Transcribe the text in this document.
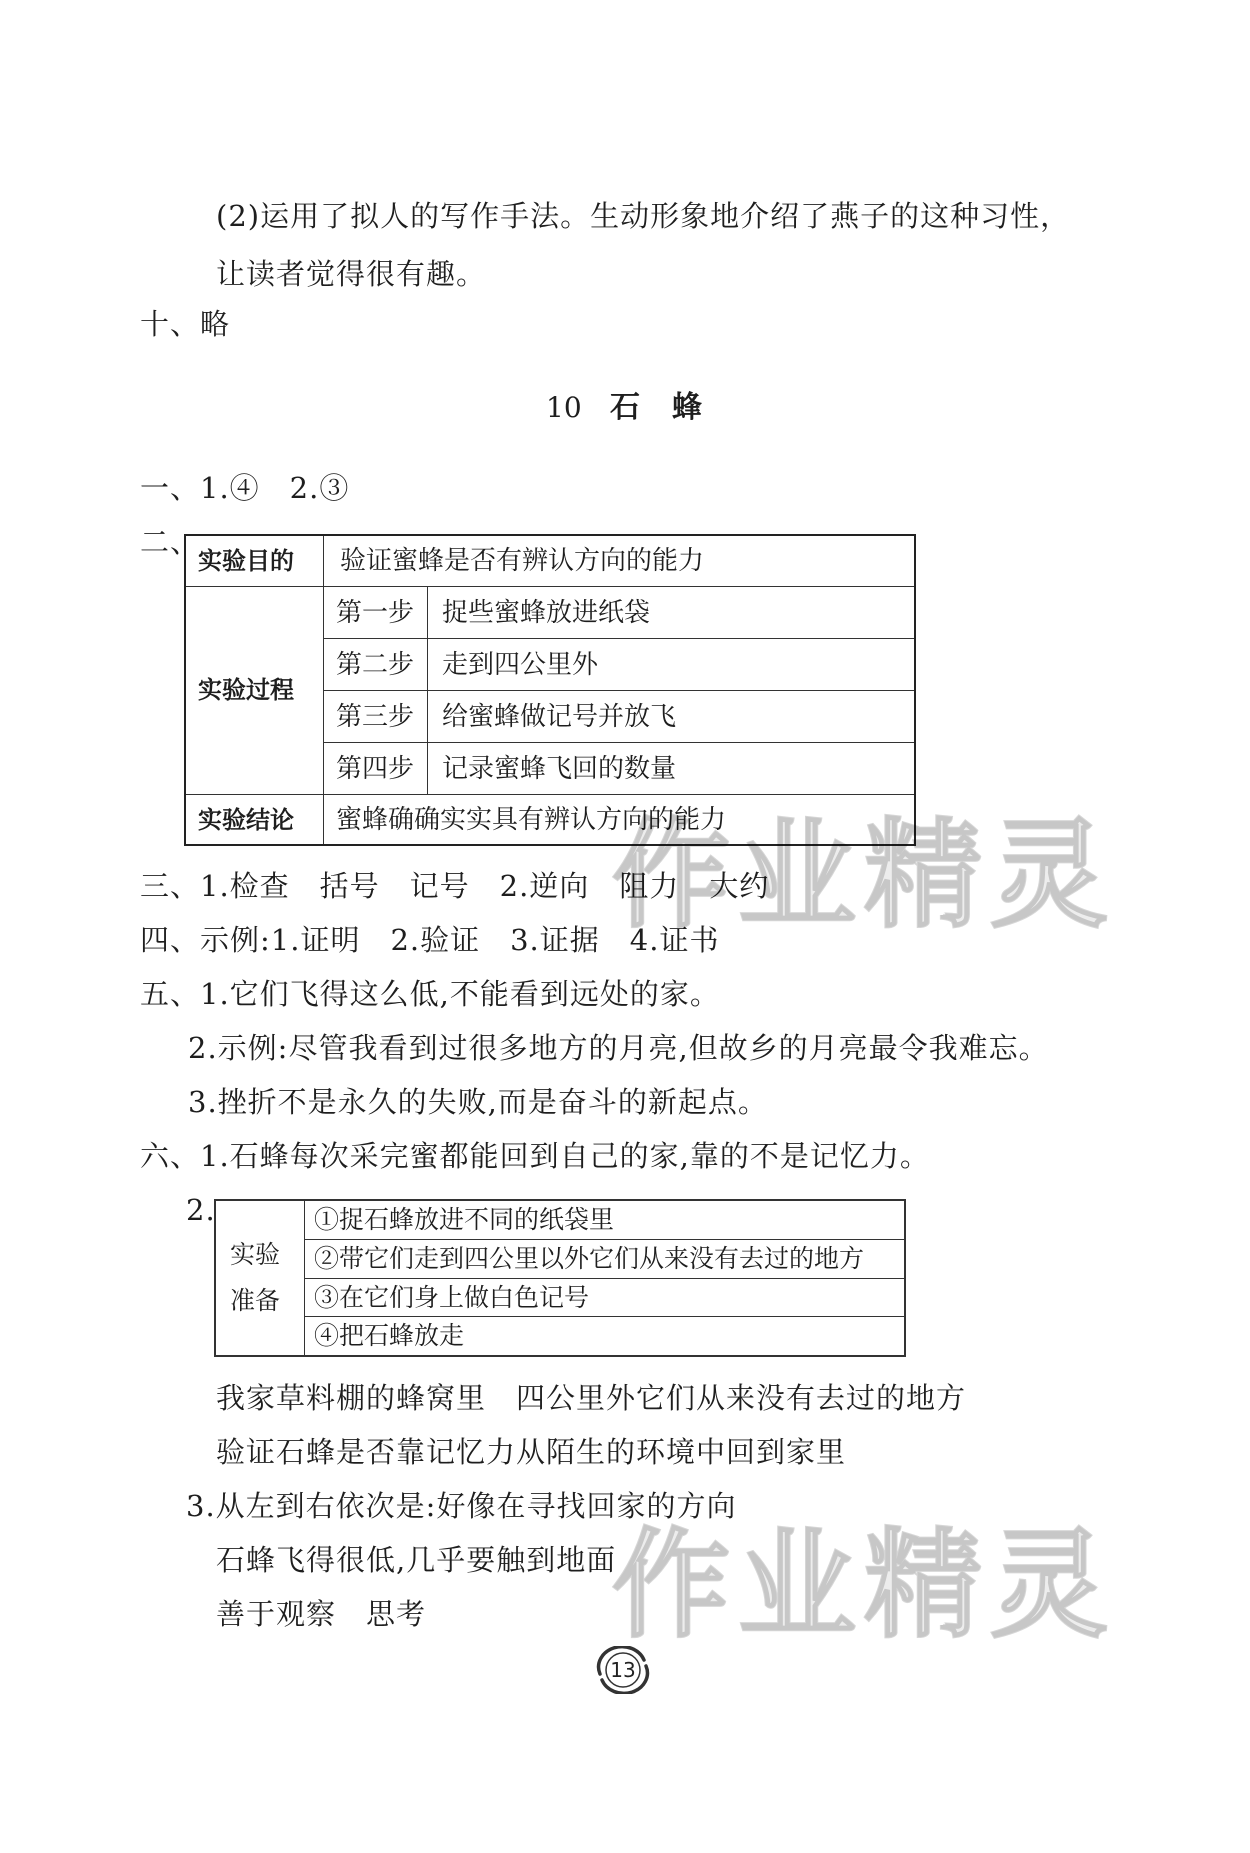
(2)运用了拟人的写作手法。生动形象地介绍了燕子的这种习性，
让读者觉得很有趣。
十、略
10 石蜂
一、1.④　2.③
二、
实验目的 验证蜜蜂是否有辨认方向的能力
实验过程
第一步 捉些蜜蜂放进纸袋
第二步 走到四公里外
第三步 给蜜蜂做记号并放飞
第四步 记录蜜蜂飞回的数量
实验结论 蜜蜂确确实实具有辨认方向的能力
三、1.检查　括号　记号　2.逆向　阻力　大约
四、示例:1.证明　2.验证　3.证据　4.证书
五、1.它们飞得这么低,不能看到远处的家。
2.示例:尽管我看到过很多地方的月亮,但故乡的月亮最令我难忘。
3.挫折不是永久的失败,而是奋斗的新起点。
六、1.石蜂每次采完蜜都能回到自己的家,靠的不是记忆力。
2.
实验
准备
①捉石蜂放进不同的纸袋里
②带它们走到四公里以外它们从来没有去过的地方
③在它们身上做白色记号
④把石蜂放走
我家草料棚的蜂窝里　四公里外它们从来没有去过的地方
验证石蜂是否靠记忆力从陌生的环境中回到家里
3.从左到右依次是:好像在寻找回家的方向
石蜂飞得很低,几乎要触到地面
善于观察　思考
作业精灵
作业精灵
13
